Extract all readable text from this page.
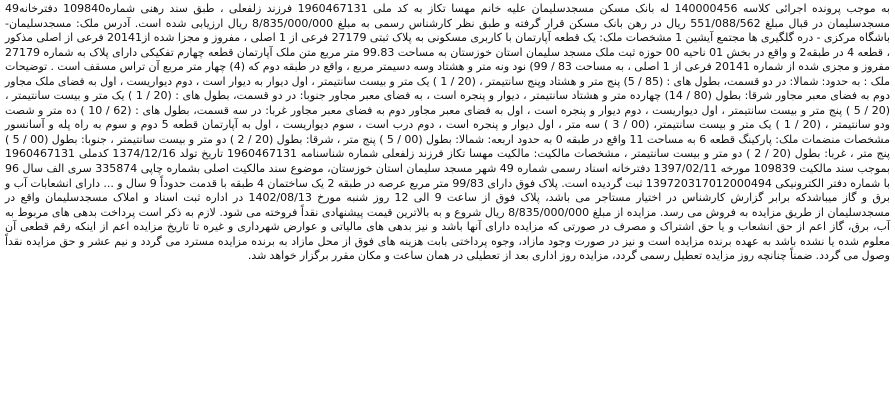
به موجب پرونده اجرائی کلاسه 140000456 له بانک مسکن مسجدسلیمان علیه خانم مهسا تکاز به کد ملی 1960467131 فرزند زلفعلی ، طبق سند رهنی شماره109840 دفترخانه49 مسجدسلیمان در قبال مبلغ 551/088/562 ریال در رهن بانک مسکن قرار گرفته و طبق نظر کارشناس رسمی به مبلغ 8/835/000/000 ریال ارزیابی شده است. آدرس ملک: مسجدسلیمان- باشگاه مرکزی - دره گلگیری ها مجتمع آیشین 1 مشخصات ملک: یک قطعه آپارتمان با کاربری مسکونی به پلاک ثبتی 27179 فرعی از 1 اصلی ، مفروز و مجزا شده از20141 فرعی از اصلی مذکور ، قطعه 4 در طبقه2 و واقع در بخش 01 ناحیه 00 حوزه ثبت ملک مسجد سلیمان استان خوزستان به مساحت 99.83 متر مربع متن ملک آپارتمان قطعه چهارم تفکیکی دارای پلاک به شماره 27179 مفروز و مجزی شده از شماره 20141 فرعی از 1 اصلی ، به مساحت 83 / 99) نود ونه متر و هشتاد وسه دسیمتر مربع ، واقع در طبقه دوم که (4) چهار متر مربع آن تراس مسقف است . توضیحات ملک : به حدود: شمالا: در دو قسمت، بطول های : (85 / 5) پنج متر و هشتاد وپنج سانتیمتر ، (20 / 1 ) یک متر و بیست سانتیمتر ، اول دیوار به دیوار است ، دوم دیواریست ، اول به فضای ملک مجاور دوم به فضای معبر مجاور شرقا: بطول (80 / 14) چهارده متر و هشتاد سانتیمتر ، دیوار و پنجره است ، به فضای معبر مجاور جنوبا: در دو قسمت، بطول های : (20 / 1 ) یک متر و بیست سانتیمتر ، (20 / 5 ) پنج متر و بیست سانتیمتر ، اول دیواریست ، دوم دیوار و پنجره است ، اول به فضای معبر مجاور دوم به فضای معبر مجاور غربا: در سه قسمت، بطول های : (62 / 10 ) ده متر و شصت ودو سانتیمتر ، (20 / 1 ) یک متر و بیست سانتیمتر، (00 / 3 ) سه متر ، اول دیوار و پنجره است ، دوم درب است ، سوم دیواریست ، اول به آپارتمان قطعه 5 دوم و سوم به راه پله و آسانسور مشخصات منضمات ملک: پارکینگ قطعه 6 به مساحت 11 واقع در طبقه 0 به حدود اربعه: شمالا: بطول (00 / 5 ) پنج متر ، شرقا: بطول (20 / 2 ) دو متر و بیست سانتیمتر ، جنوبا: بطول (00 / 5 ) پنج متر ، غربا: بطول (20 / 2 ) دو متر و بیست سانتیمتر ، مشخصات مالکیت: مالکیت مهسا تکاز فرزند زلفعلی شماره شناسنامه 1960467131 تاریخ تولد 1374/12/16 کدملی 1960467131 بموجب سند مالکیت 109839 مورخه 1397/02/11 دفترخانه اسناد رسمی شماره 49 شهر مسجد سلیمان استان خوزستان، موضوع سند مالکیت اصلی بشماره چاپی 335874 سری الف سال 96 با شماره دفتر الکترونیکی 139720317012000494 ثبت گردیده است. پلاک فوق دارای 99/83 متر مربع عرصه در طبقه 2 یک ساختمان 4 طبقه با قدمت حدوداً 9 سال و ... دارای انشعابات آب و برق و گاز میباشدکه برابر گزارش کارشناس در اختیار مستاجر می باشد، پلاک فوق از ساعت 9 الی 12 روز شنبه مورخ 1402/08/13 در اداره ثبت اسناد و املاک مسجدسلیمان واقع در مسجدسلیمان از طریق مزایده به فروش می رسد. مزایده از مبلغ 8/835/000/000 ریال شروع و به بالاترین قیمت پیشنهادی نقداً فروخته می شود. لازم به ذکر است پرداخت بدهی های مربوط به آب، برق، گاز اعم از حق انشعاب و یا حق اشتراک و مصرف در صورتی که مزایده دارای آنها باشد و نیز بدهی های مالیاتی و عوارض شهرداری و غیره تا تاریخ مزایده اعم از اینکه رقم قطعی آن معلوم شده یا نشده باشد به عهده برنده مزایده است و نیز در صورت وجود مازاد، وجوه پرداختی بابت هزینه های فوق از محل مازاد به برنده مزایده مسترد می گردد و نیم عشر و حق مزایده نقداً وصول می گردد. ضمناً چنانچه روز مزایده تعطیل رسمی گردد، مزایده روز اداری بعد از تعطیلی در همان ساعت و مکان مقرر برگزار خواهد شد.
